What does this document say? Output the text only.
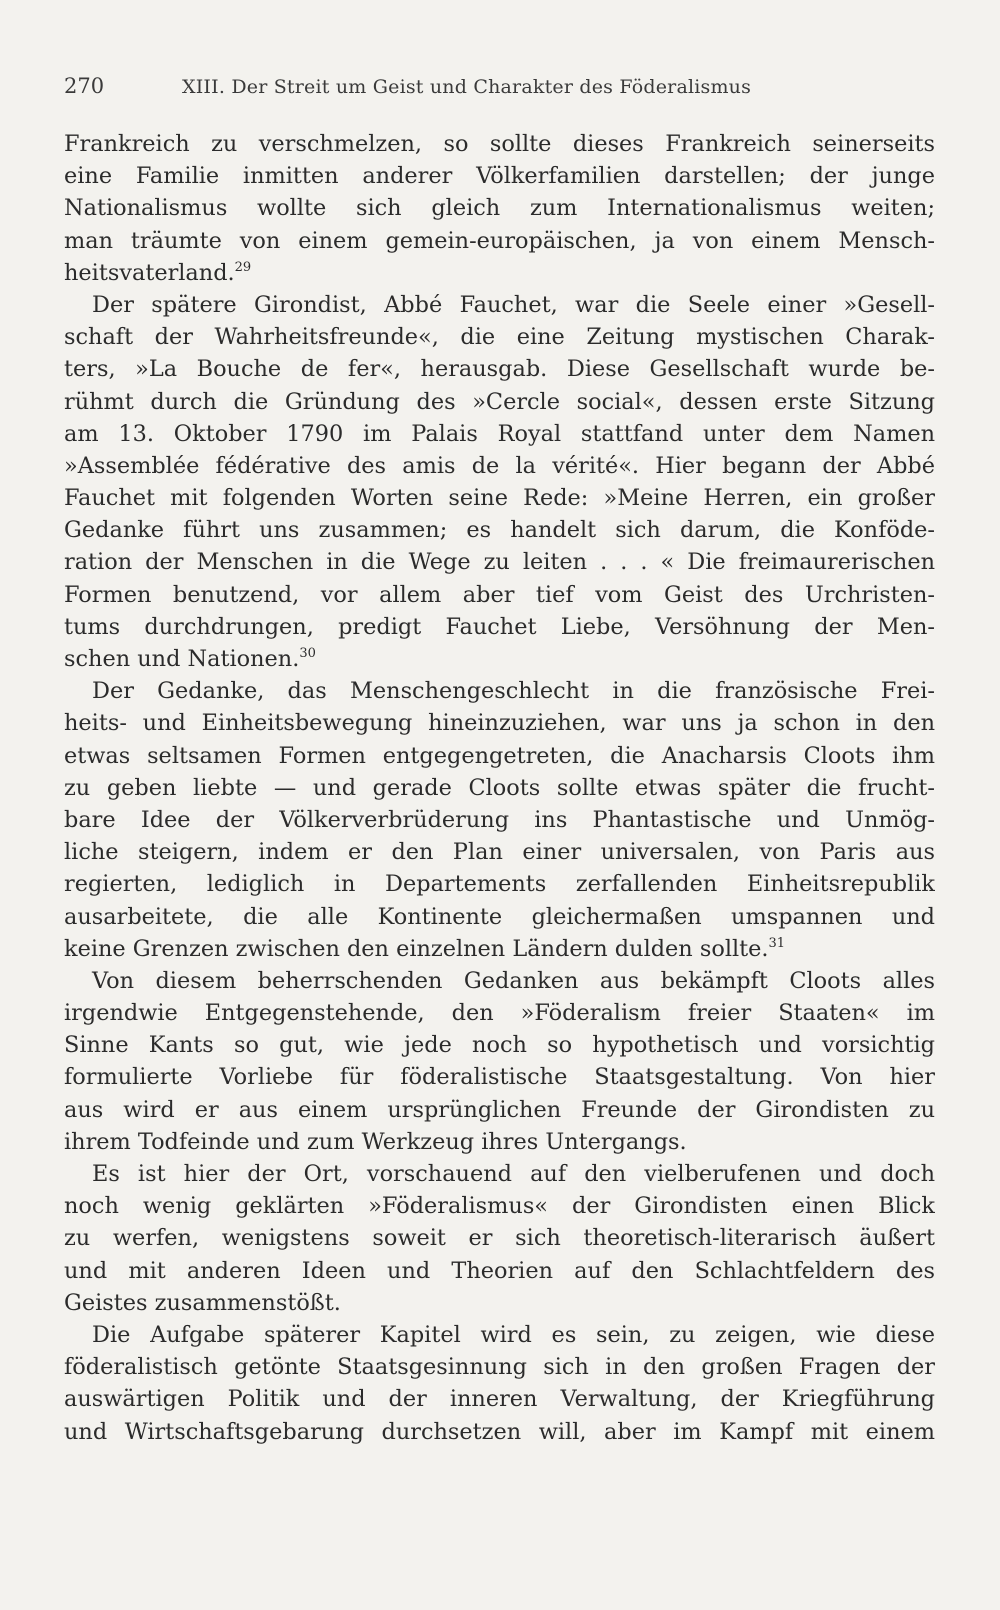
270	XIII. Der Streit um Geist und Charakter des Föderalismus
Frankreich zu verschmelzen, so sollte dieses Frankreich seinerseits
eine Familie inmitten anderer Völkerfamilien darstellen; der junge
Nationalismus wollte sich gleich zum Internationalismus weiten;
man träumte von einem gemein-europäischen, ja von einem Mensch-
heitsvaterland.$^{29}$
Der spätere Girondist, Abbé Fauchet, war die Seele einer »Gesell-
schaft der Wahrheitsfreunde«, die eine Zeitung mystischen Charak-
ters, »La Bouche de fer«, herausgab. Diese Gesellschaft wurde be-
rühmt durch die Gründung des »Cercle social«, dessen erste Sitzung
am 13. Oktober 1790 im Palais Royal stattfand unter dem Namen
»Assemblée fédérative des amis de la vérité«. Hier begann der Abbé
Fauchet mit folgenden Worten seine Rede: »Meine Herren, ein großer
Gedanke führt uns zusammen; es handelt sich darum, die Konföde-
ration der Menschen in die Wege zu leiten . . . « Die freimaurerischen
Formen benutzend, vor allem aber tief vom Geist des Urchristen-
tums durchdrungen, predigt Fauchet Liebe, Versöhnung der Men-
schen und Nationen.$^{30}$
Der Gedanke, das Menschengeschlecht in die französische Frei-
heits- und Einheitsbewegung hineinzuziehen, war uns ja schon in den
etwas seltsamen Formen entgegengetreten, die Anacharsis Cloots ihm
zu geben liebte — und gerade Cloots sollte etwas später die frucht-
bare Idee der Völkerverbrüderung ins Phantastische und Unmög-
liche steigern, indem er den Plan einer universalen, von Paris aus
regierten, lediglich in Departements zerfallenden Einheitsrepublik
ausarbeitete, die alle Kontinente gleichermaßen umspannen und
keine Grenzen zwischen den einzelnen Ländern dulden sollte.$^{31}$
Von diesem beherrschenden Gedanken aus bekämpft Cloots alles
irgendwie Entgegenstehende, den »Föderalism freier Staaten« im
Sinne Kants so gut, wie jede noch so hypothetisch und vorsichtig
formulierte Vorliebe für föderalistische Staatsgestaltung. Von hier
aus wird er aus einem ursprünglichen Freunde der Girondisten zu
ihrem Todfeinde und zum Werkzeug ihres Untergangs.
Es ist hier der Ort, vorschauend auf den vielberufenen und doch
noch wenig geklärten »Föderalismus« der Girondisten einen Blick
zu werfen, wenigstens soweit er sich theoretisch-literarisch äußert
und mit anderen Ideen und Theorien auf den Schlachtfeldern des
Geistes zusammenstößt.
Die Aufgabe späterer Kapitel wird es sein, zu zeigen, wie diese
föderalistisch getönte Staatsgesinnung sich in den großen Fragen der
auswärtigen Politik und der inneren Verwaltung, der Kriegführung
und Wirtschaftsgebarung durchsetzen will, aber im Kampf mit einem
